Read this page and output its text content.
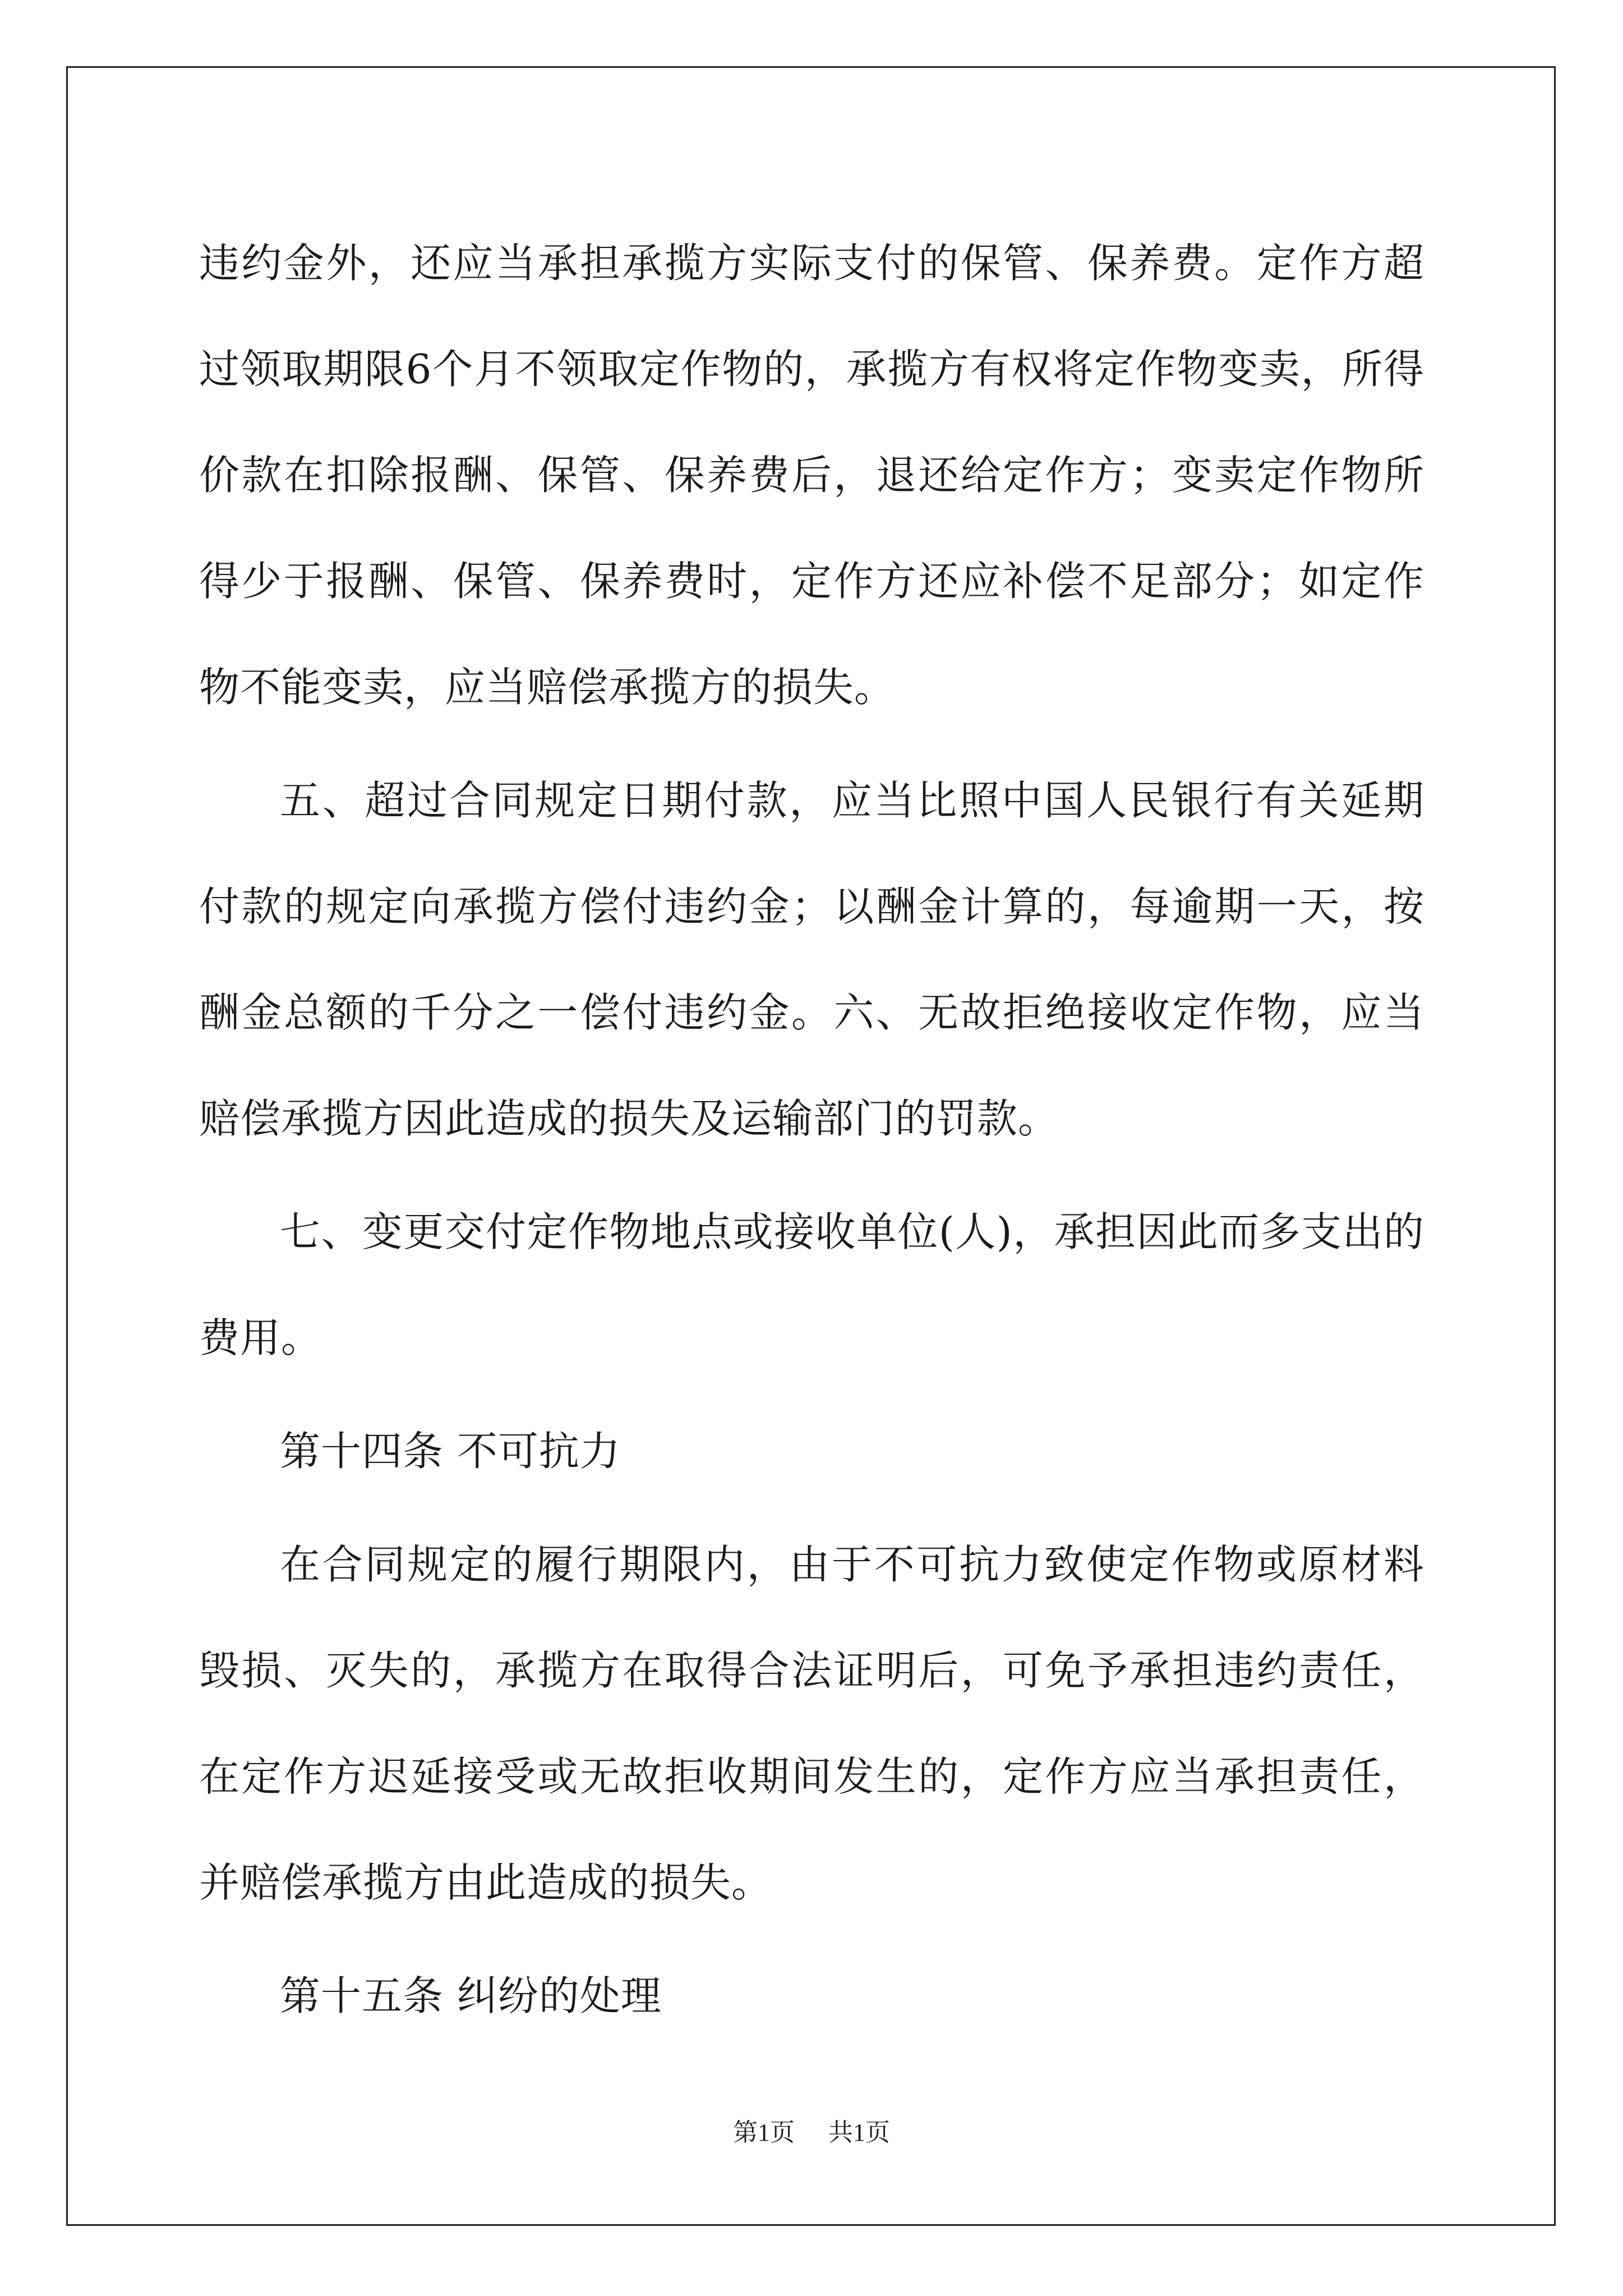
违约金外，还应当承担承揽方实际支付的保管、保养费。定作方超过领取期限6个月不领取定作物的，承揽方有权将定作物变卖，所得价款在扣除报酬、保管、保养费后，退还给定作方；变卖定作物所得少于报酬、保管、保养费时，定作方还应补偿不足部分；如定作物不能变卖，应当赔偿承揽方的损失。

五、超过合同规定日期付款，应当比照中国人民银行有关延期付款的规定向承揽方偿付违约金；以酬金计算的，每逾期一天，按酬金总额的千分之一偿付违约金。六、无故拒绝接收定作物，应当赔偿承揽方因此造成的损失及运输部门的罚款。

七、变更交付定作物地点或接收单位(人)，承担因此而多支出的费用。

第十四条 不可抗力

在合同规定的履行期限内，由于不可抗力致使定作物或原材料毁损、灭失的，承揽方在取得合法证明后，可免予承担违约责任，在定作方迟延接受或无故拒收期间发生的，定作方应当承担责任，并赔偿承揽方由此造成的损失。

第十五条 纠纷的处理

第1页 共1页
